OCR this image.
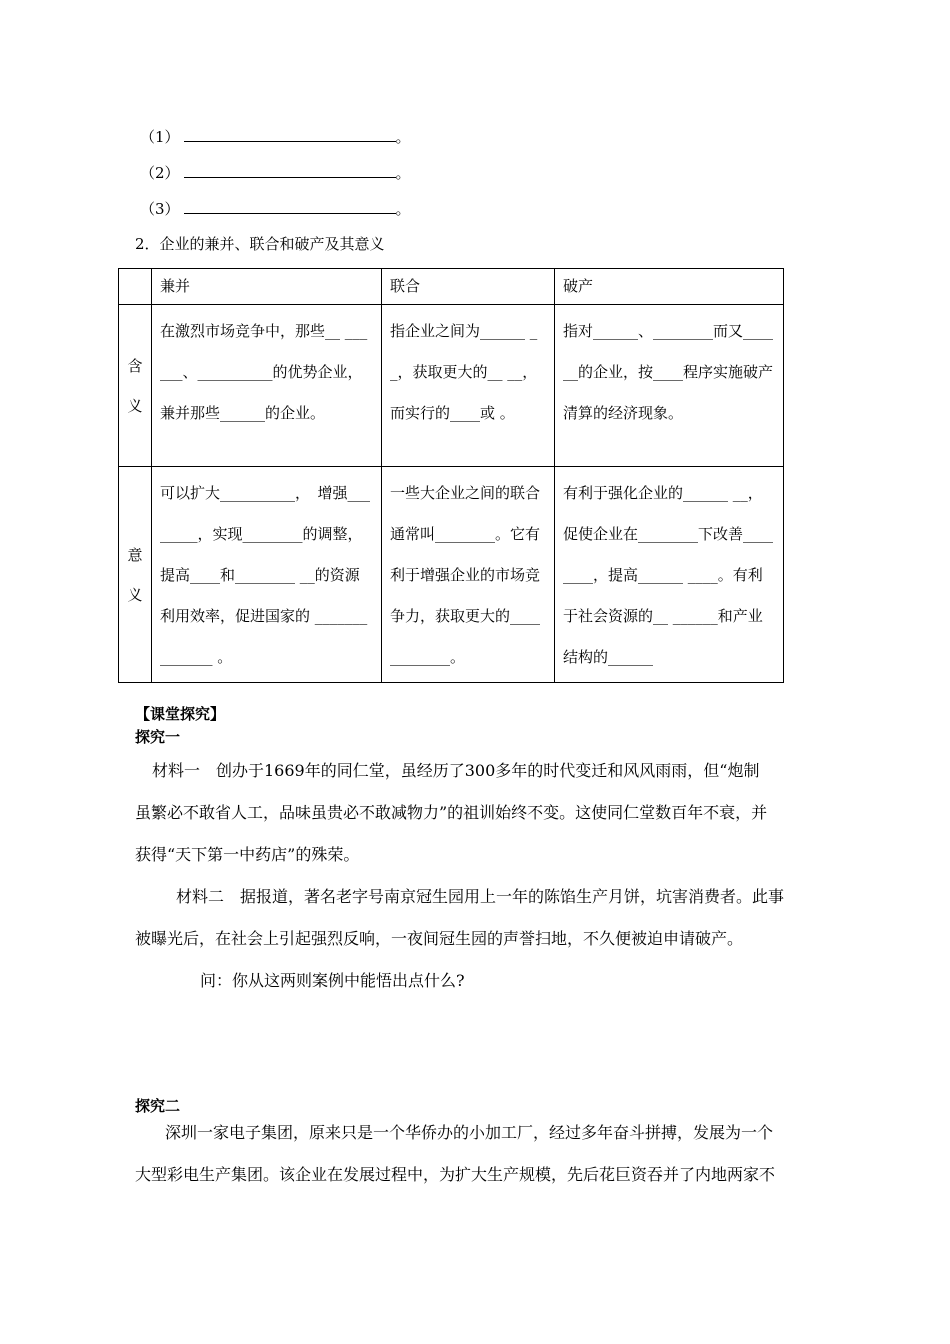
（1）	。
（2）	。
（3）	。
2．企业的兼并、联合和破产及其意义
	兼并	联合	破产

含义	在激烈市场竞争中，那些__ ______、__________的优势企业，兼并那些______的企业。	指企业之间为______ __，获取更大的__ __，而实行的____或 。	指对______、________而又______的企业，按____程序实施破产清算的经济现象。

意义	可以扩大__________，　增强________，实现________的调整，提高____和________ __的资源利用效率，促进国家的 ______________ 。	一些大企业之间的联合通常叫________。它有利于增强企业的市场竞争力，获取更大的____________。	有利于强化企业的______ __，促使企业在________下改善________，提高______ ____。有利于社会资源的__ ______和产业结构的______
【课堂探究】
探究一
材料一　创办于1669年的同仁堂，虽经历了300多年的时代变迁和风风雨雨，但“炮制
虽繁必不敢省人工，品味虽贵必不敢减物力”的祖训始终不变。这使同仁堂数百年不衰，并
获得“天下第一中药店”的殊荣。
材料二　据报道，著名老字号南京冠生园用上一年的陈馅生产月饼，坑害消费者。此事
被曝光后，在社会上引起强烈反响，一夜间冠生园的声誉扫地，不久便被迫申请破产。
问：你从这两则案例中能悟出点什么?
探究二
深圳一家电子集团，原来只是一个华侨办的小加工厂，经过多年奋斗拼搏，发展为一个
大型彩电生产集团。该企业在发展过程中，为扩大生产规模，先后花巨资吞并了内地两家不
